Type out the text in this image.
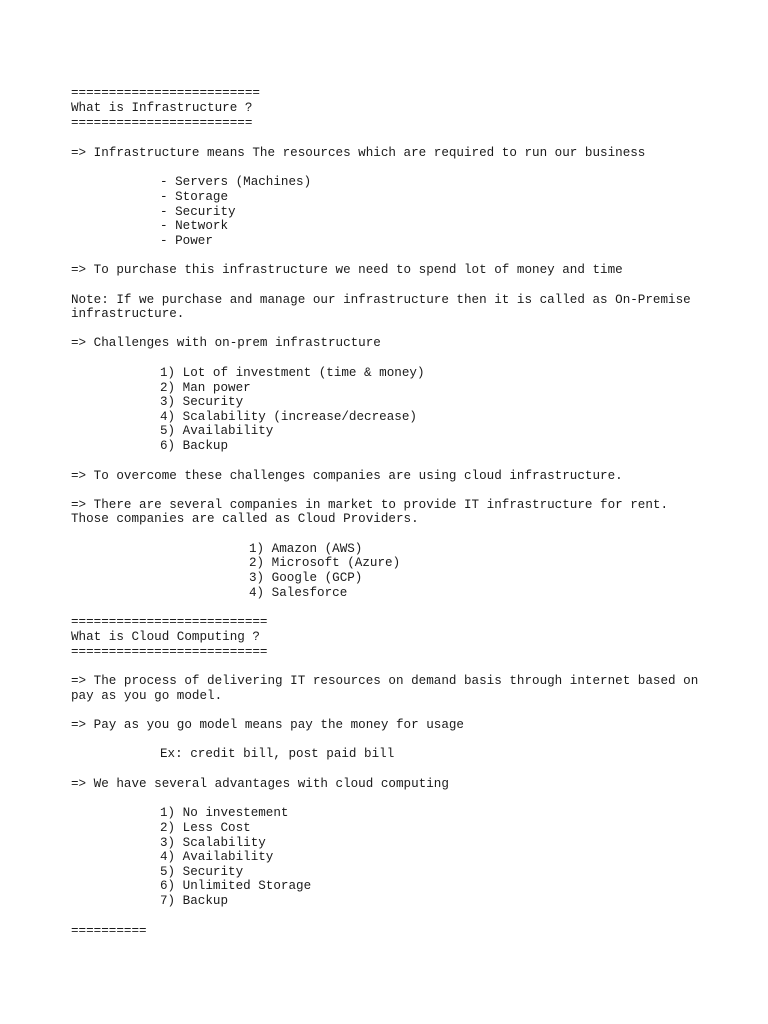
=========================

What is Infrastructure ?

========================

=> Infrastructure means The resources which are required to run our business

- Servers (Machines)

- Storage

- Security

- Network

- Power

=> To purchase this infrastructure we need to spend lot of money and time

Note: If we purchase and manage our infrastructure then it is called as On-Premise

infrastructure.

=> Challenges with on-prem infrastructure

1) Lot of investment (time & money)

2) Man power

3) Security

4) Scalability (increase/decrease)

5) Availability

6) Backup

=> To overcome these challenges companies are using cloud infrastructure.

=> There are several companies in market to provide IT infrastructure for rent.

Those companies are called as Cloud Providers.

1) Amazon (AWS)

2) Microsoft (Azure)

3) Google (GCP)

4) Salesforce

==========================

What is Cloud Computing ?

==========================

=> The process of delivering IT resources on demand basis through internet based on

pay as you go model.

=> Pay as you go model means pay the money for usage

Ex: credit bill, post paid bill

=> We have several advantages with cloud computing

1) No investement

2) Less Cost

3) Scalability

4) Availability

5) Security

6) Unlimited Storage

7) Backup

==========
